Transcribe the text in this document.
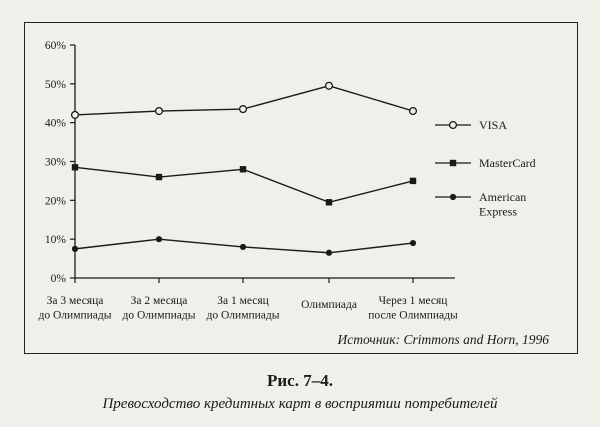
0%
10%
20%
30%
40%
50%
60%
За 3 месяца до Олимпиады
За 2 месяца до Олимпиады
За 1 месяц до Олимпиады
Олимпиада	Через 1 месяц после Олимпиады
VISA
MasterCard
American Express
Источник: Crimmons and Horn, 1996
Рис. 7–4.
Превосходство кредитных карт в восприятии потребителей
